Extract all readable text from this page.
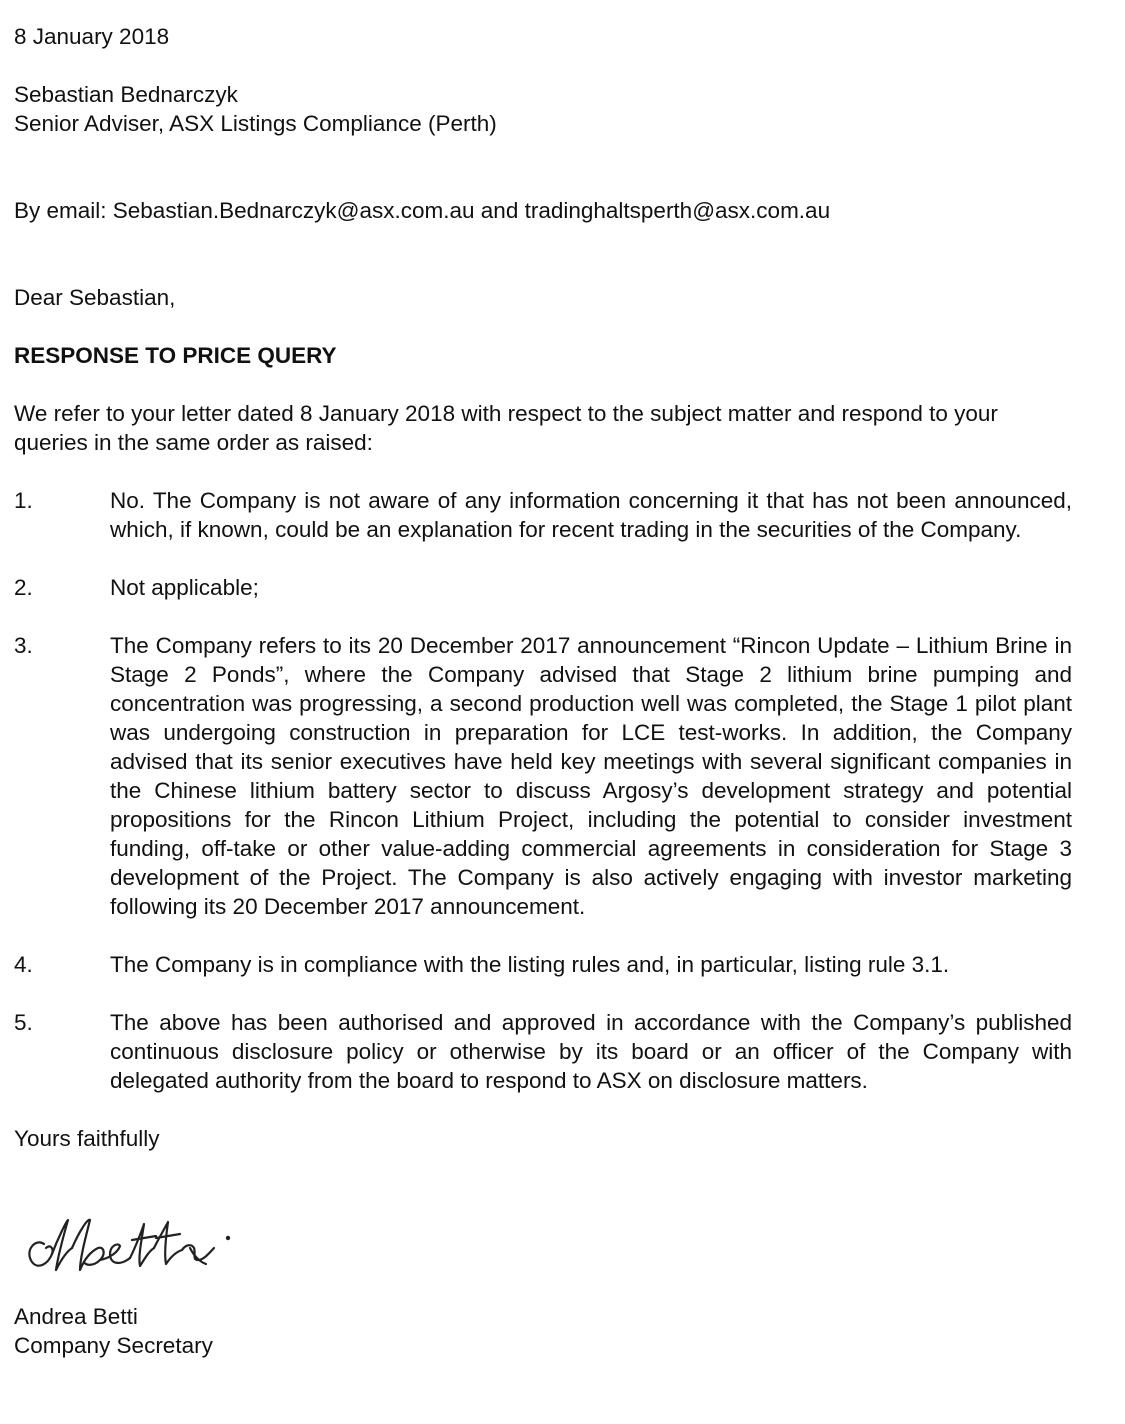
8 January 2018

Sebastian Bednarczyk
Senior Adviser, ASX Listings Compliance (Perth)

By email: Sebastian.Bednarczyk@asx.com.au and tradinghaltsperth@asx.com.au

Dear Sebastian,

RESPONSE TO PRICE QUERY

We refer to your letter dated 8 January 2018 with respect to the subject matter and respond to your queries in the same order as raised:

1.	No. The Company is not aware of any information concerning it that has not been announced, which, if known, could be an explanation for recent trading in the securities of the Company.
2.	Not applicable;
3.	The Company refers to its 20 December 2017 announcement “Rincon Update – Lithium Brine in Stage 2 Ponds”, where the Company advised that Stage 2 lithium brine pumping and concentration was progressing, a second production well was completed, the Stage 1 pilot plant was undergoing construction in preparation for LCE test-works. In addition, the Company advised that its senior executives have held key meetings with several significant companies in the Chinese lithium battery sector to discuss Argosy’s development strategy and potential propositions for the Rincon Lithium Project, including the potential to consider investment funding, off-take or other value-adding commercial agreements in consideration for Stage 3 development of the Project. The Company is also actively engaging with investor marketing following its 20 December 2017 announcement.
4.	The Company is in compliance with the listing rules and, in particular, listing rule 3.1.
5.	The above has been authorised and approved in accordance with the Company’s published continuous disclosure policy or otherwise by its board or an officer of the Company with delegated authority from the board to respond to ASX on disclosure matters.

Yours faithfully

Andrea Betti
Company Secretary
